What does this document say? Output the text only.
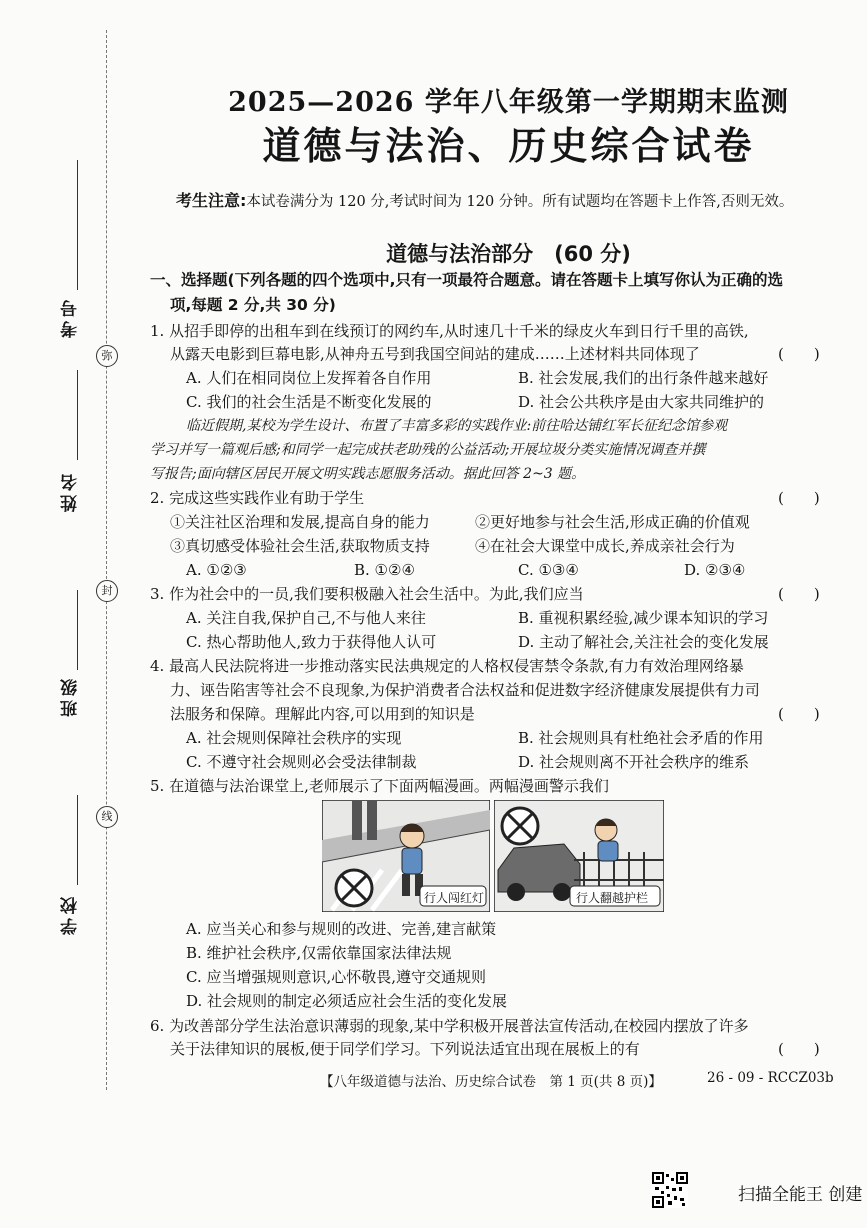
弥
封
线
考号
姓名
班级
学校
2025—2026 学年八年级第一学期期末监测
道德与法治、历史综合试卷
考生注意:本试卷满分为 120 分,考试时间为 120 分钟。所有试题均在答题卡上作答,否则无效。
道德与法治部分　(60 分)
一、选择题(下列各题的四个选项中,只有一项最符合题意。请在答题卡上填写你认为正确的选
项,每题 2 分,共 30 分)
1. 从招手即停的出租车到在线预订的网约车,从时速几十千米的绿皮火车到日行千里的高铁,
从露天电影到巨幕电影,从神舟五号到我国空间站的建成……上述材料共同体现了	(　　)
A. 人们在相同岗位上发挥着各自作用	B. 社会发展,我们的出行条件越来越好
C. 我们的社会生活是不断变化发展的	D. 社会公共秩序是由大家共同维护的
临近假期,某校为学生设计、布置了丰富多彩的实践作业:前往哈达铺红军长征纪念馆参观
学习并写一篇观后感;和同学一起完成扶老助残的公益活动;开展垃圾分类实施情况调查并撰
写报告;面向辖区居民开展文明实践志愿服务活动。据此回答 2~3 题。
2. 完成这些实践作业有助于学生	(　　)
①关注社区治理和发展,提高自身的能力	②更好地参与社会生活,形成正确的价值观
③真切感受体验社会生活,获取物质支持	④在社会大课堂中成长,养成亲社会行为
A. ①②③	B. ①②④	C. ①③④	D. ②③④
3. 作为社会中的一员,我们要积极融入社会生活中。为此,我们应当	(　　)
A. 关注自我,保护自己,不与他人来往	B. 重视积累经验,减少课本知识的学习
C. 热心帮助他人,致力于获得他人认可	D. 主动了解社会,关注社会的变化发展
4. 最高人民法院将进一步推动落实民法典规定的人格权侵害禁令条款,有力有效治理网络暴
力、诬告陷害等社会不良现象,为保护消费者合法权益和促进数字经济健康发展提供有力司
法服务和保障。理解此内容,可以用到的知识是	(　　)
A. 社会规则保障社会秩序的实现	B. 社会规则具有杜绝社会矛盾的作用
C. 不遵守社会规则必会受法律制裁	D. 社会规则离不开社会秩序的维系
5. 在道德与法治课堂上,老师展示了下面两幅漫画。两幅漫画警示我们
行人闯红灯	行人翻越护栏
A. 应当关心和参与规则的改进、完善,建言献策
B. 维护社会秩序,仅需依靠国家法律法规
C. 应当增强规则意识,心怀敬畏,遵守交通规则
D. 社会规则的制定必须适应社会生活的变化发展
6. 为改善部分学生法治意识薄弱的现象,某中学积极开展普法宣传活动,在校园内摆放了许多
关于法律知识的展板,便于同学们学习。下列说法适宜出现在展板上的有	(　　)
【八年级道德与法治、历史综合试卷　第 1 页(共 8 页)】	26 - 09 - RCCZ03b
扫描全能王 创建
